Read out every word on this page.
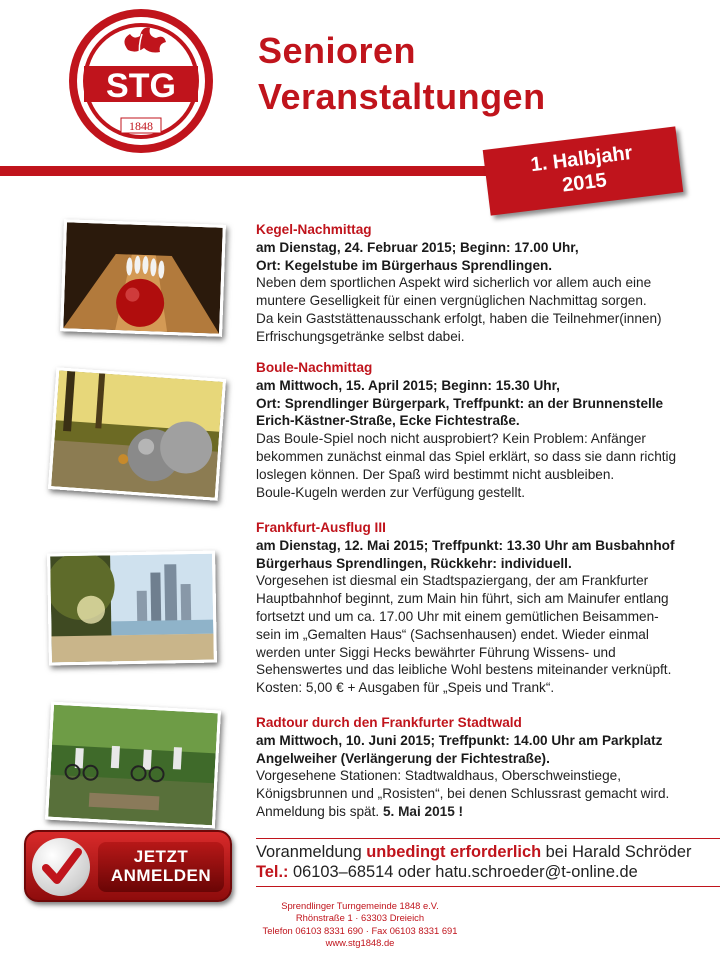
STG
1848
Senioren
Veranstaltungen
1. Halbjahr
2015
Kegel-Nachmittag
am Dienstag, 24. Februar 2015; Beginn: 17.00 Uhr,
Ort: Kegelstube im Bürgerhaus Sprendlingen.
Neben dem sportlichen Aspekt wird sicherlich vor allem auch eine
muntere Geselligkeit für einen vergnüglichen Nachmittag sorgen.
Da kein Gaststättenausschank erfolgt, haben die Teilnehmer(innen)
Erfrischungsgetränke selbst dabei.
Boule-Nachmittag
am Mittwoch, 15. April 2015; Beginn: 15.30 Uhr,
Ort: Sprendlinger Bürgerpark, Treffpunkt: an der Brunnenstelle
Erich-Kästner-Straße, Ecke Fichtestraße.
Das Boule-Spiel noch nicht ausprobiert? Kein Problem: Anfänger
bekommen zunächst einmal das Spiel erklärt, so dass sie dann richtig
loslegen können. Der Spaß wird bestimmt nicht ausbleiben.
Boule-Kugeln werden zur Verfügung gestellt.
Frankfurt-Ausflug III
am Dienstag, 12. Mai 2015; Treffpunkt: 13.30 Uhr am Busbahnhof
Bürgerhaus Sprendlingen, Rückkehr: individuell.
Vorgesehen ist diesmal ein Stadtspaziergang, der am Frankfurter
Hauptbahnhof beginnt, zum Main hin führt, sich am Mainufer entlang
fortsetzt und um ca. 17.00 Uhr mit einem gemütlichen Beisammen-
sein im „Gemalten Haus“ (Sachsenhausen) endet. Wieder einmal
werden unter Siggi Hecks bewährter Führung Wissens- und
Sehenswertes und das leibliche Wohl bestens miteinander verknüpft.
Kosten: 5,00 € + Ausgaben für „Speis und Trank“.
Radtour durch den Frankfurter Stadtwald
am Mittwoch, 10. Juni 2015; Treffpunkt: 14.00 Uhr am Parkplatz
Angelweiher (Verlängerung der Fichtestraße).
Vorgesehene Stationen: Stadtwaldhaus, Oberschweinstiege,
Königsbrunnen und „Rosisten“, bei denen Schlussrast gemacht wird.
Anmeldung bis spät. 5. Mai 2015 !
JETZT
ANMELDEN
Voranmeldung unbedingt erforderlich bei Harald Schröder
Tel.: 06103–68514 oder hatu.schroeder@t-online.de
Sprendlinger Turngemeinde 1848 e.V.
Rhönstraße 1 · 63303 Dreieich
Telefon 06103 8331 690 · Fax 06103 8331 691
www.stg1848.de
